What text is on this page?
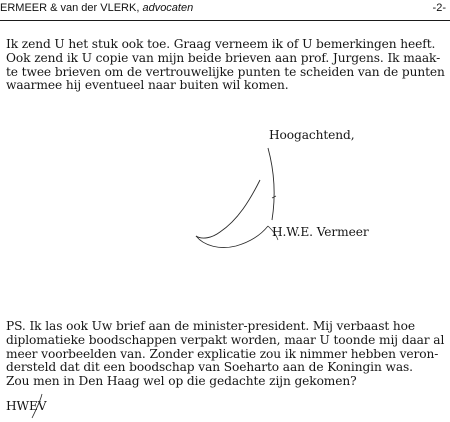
ERMEER & van der VLERK, advocaten	-2-
Ik zend U het stuk ook toe. Graag verneem ik of U bemerkingen heeft.
Ook zend ik U copie van mijn beide brieven aan prof. Jurgens. Ik maak-
te twee brieven om de vertrouwelijke punten te scheiden van de punten
waarmee hij eventueel naar buiten wil komen.
Hoogachtend,
H.W.E. Vermeer
PS. Ik las ook Uw brief aan de minister-president. Mij verbaast hoe
diplomatieke boodschappen verpakt worden, maar U toonde mij daar al
meer voorbeelden van. Zonder explicatie zou ik nimmer hebben veron-
dersteld dat dit een boodschap van Soeharto aan de Koningin was.
Zou men in Den Haag wel op die gedachte zijn gekomen?
HWEV
